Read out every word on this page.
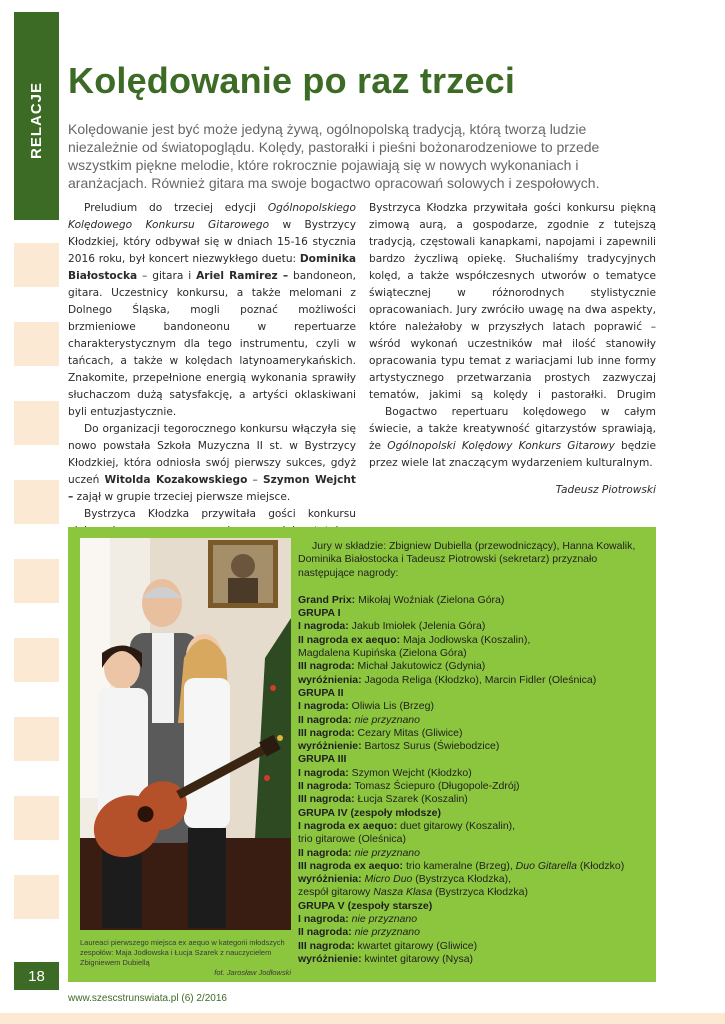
RELACJE
18
Kolędowanie po raz trzeci

Kolędowanie jest być może jedyną żywą, ogólnopolską tradycją, którą tworzą ludzie niezależnie od światopoglądu. Kolędy, pastorałki i pieśni bożonarodzeniowe to przede wszystkim piękne melodie, które rokrocznie pojawiają się w nowych wykonaniach i aranżacjach. Również gitara ma swoje bogactwo opracowań solowych i zespołowych.

Preludium do trzeciej edycji Ogólnopolskiego Kolędowego Konkursu Gitarowego w Bystrzycy Kłodzkiej, który odbywał się w dniach 15-16 stycznia 2016 roku, był koncert niezwykłego duetu: Dominika Białostocka – gitara i Ariel Ramirez – bandoneon, gitara. Uczestnicy konkursu, a także melomani z Dolnego Śląska, mogli poznać możliwości brzmieniowe bandoneonu w repertuarze charakterystycznym dla tego instrumentu, czyli w tańcach, a także w kolędach latynoamerykańskich. Znakomite, przepełnione energią wykonania sprawiły słuchaczom dużą satysfakcję, a artyści oklaskiwani byli entuzjastycznie.

Do organizacji tegorocznego konkursu włączyła się nowo powstała Szkoła Muzyczna II st. w Bystrzycy Kłodzkiej, która odniosła swój pierwszy sukces, gdyż uczeń Witolda Kozakowskiego – Szymon Wejcht – zajął w grupie trzeciej pierwsze miejsce.

Bystrzyca Kłodzka przywitała gości konkursu

Bystrzyca Kłodzka przywitała gości konkursu piękną zimową aurą, a gospodarze, zgodnie z tutejszą tradycją, częstowali kanapkami, napojami i zapewnili bardzo życzliwą opiekę. Słuchaliśmy tradycyjnych kolęd, a także współczesnych utworów o tematyce świątecznej w różnorodnych stylistycznie opracowaniach. Jury zwróciło uwagę na dwa aspekty, które należałoby w przyszłych latach poprawić – wśród wykonań uczestników mał ilość stanowiły opracowania typu temat z wariacjami lub inne formy artystycznego przetwarzania prostych zazwyczaj tematów, jakimi są kolędy i pastorałki. Drugim

Bogactwo repertuaru kolędowego w całym świecie, a także kreatywność gitarzystów sprawiają, że Ogólnopolski Kolędowy Konkurs Gitarowy będzie przez wiele lat znaczącym wydarzeniem kulturalnym.

Tadeusz Piotrowski

Laureaci pierwszego miejsca ex aequo w kategorii młodszych zespołów: Maja Jodłowska i Łucja Szarek z nauczycielem Zbigniewem Dubiellą
fot. Jarosław Jodłowski

Jury w składzie: Zbigniew Dubiella (przewodniczący), Hanna Kowalik, Dominika Białostocka i Tadeusz Piotrowski (sekretarz) przyznało następujące nagrody:

Grand Prix: Mikołaj Woźniak (Zielona Góra)

GRUPA I

I nagroda: Jakub Imiołek (Jelenia Góra)

II nagroda ex aequo: Maja Jodłowska (Koszalin),

Magdalena Kupińska (Zielona Góra)

III nagroda: Michał Jakutowicz (Gdynia)

wyróżnienia: Jagoda Religa (Kłodzko), Marcin Fidler (Oleśnica)

GRUPA II

I nagroda: Oliwia Lis (Brzeg)

II nagroda: nie przyznano

III nagroda: Cezary Mitas (Gliwice)

wyróżnienie: Bartosz Surus (Świebodzice)

GRUPA III

I nagroda: Szymon Wejcht (Kłodzko)

II nagroda: Tomasz Ściepuro (Długopole-Zdrój)

III nagroda: Łucja Szarek (Koszalin)

GRUPA IV (zespoły młodsze)

I nagroda ex aequo: duet gitarowy (Koszalin),

trio gitarowe (Oleśnica)

II nagroda: nie przyznano

III nagroda ex aequo: trio kameralne (Brzeg), Duo Gitarella (Kłodzko)

wyróżnienia: Micro Duo (Bystrzyca Kłodzka),

zespół gitarowy Nasza Klasa (Bystrzyca Kłodzka)

GRUPA V (zespoły starsze)

I nagroda: nie przyznano

II nagroda: nie przyznano

III nagroda: kwartet gitarowy (Gliwice)

wyróżnienie: kwintet gitarowy (Nysa)

www.szescstrunswiata.pl (6) 2/2016
